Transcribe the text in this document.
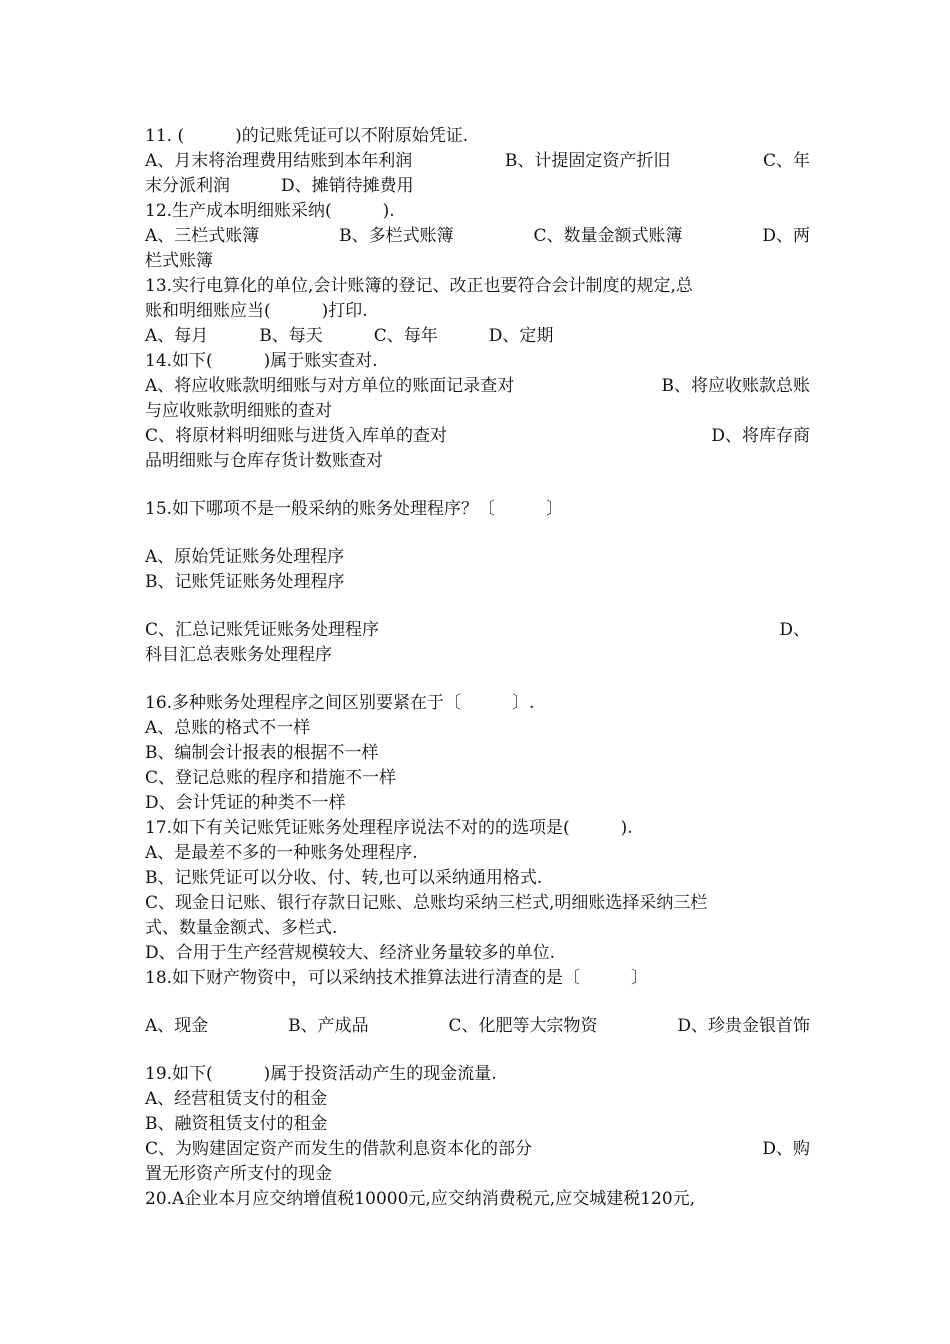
11. (　　　)的记账凭证可以不附原始凭证.
A、月末将治理费用结账到本年利润	B、计提固定资产折旧	C、年
末分派利润　　　D、摊销待摊费用
12.生产成本明细账采纳(　　　).
A、三栏式账簿	B、多栏式账簿	C、数量金额式账簿	D、两
栏式账簿
13.实行电算化的单位,会计账簿的登记、改正也要符合会计制度的规定,总
账和明细账应当(　　　)打印.
A、每月　　　B、每天　　　C、每年　　　D、定期
14.如下(　　　)属于账实查对.
A、将应收账款明细账与对方单位的账面记录查对	B、将应收账款总账
与应收账款明细账的查对
C、将原材料明细账与进货入库单的查对	D、将库存商
品明细账与仓库存货计数账查对
15.如下哪项不是一般采纳的账务处理程序？〔　　　〕
A、原始凭证账务处理程序
B、记账凭证账务处理程序
C、汇总记账凭证账务处理程序	D、
科目汇总表账务处理程序
16.多种账务处理程序之间区别要紧在于〔　　　〕.
A、总账的格式不一样
B、编制会计报表的根据不一样
C、登记总账的程序和措施不一样
D、会计凭证的种类不一样
17.如下有关记账凭证账务处理程序说法不对的的选项是(　　　).
A、是最差不多的一种账务处理程序.
B、记账凭证可以分收、付、转,也可以采纳通用格式.
C、现金日记账、银行存款日记账、总账均采纳三栏式,明细账选择采纳三栏
式、数量金额式、多栏式.
D、合用于生产经营规模较大、经济业务量较多的单位.
18.如下财产物资中，可以采纳技术推算法进行清查的是〔　　　〕
A、现金	B、产成品	C、化肥等大宗物资	D、珍贵金银首饰
19.如下(　　　)属于投资活动产生的现金流量.
A、经营租赁支付的租金
B、融资租赁支付的租金
C、为购建固定资产而发生的借款利息资本化的部分	D、购
置无形资产所支付的现金
20.A企业本月应交纳增值税10000元,应交纳消费税元,应交城建税120元,
